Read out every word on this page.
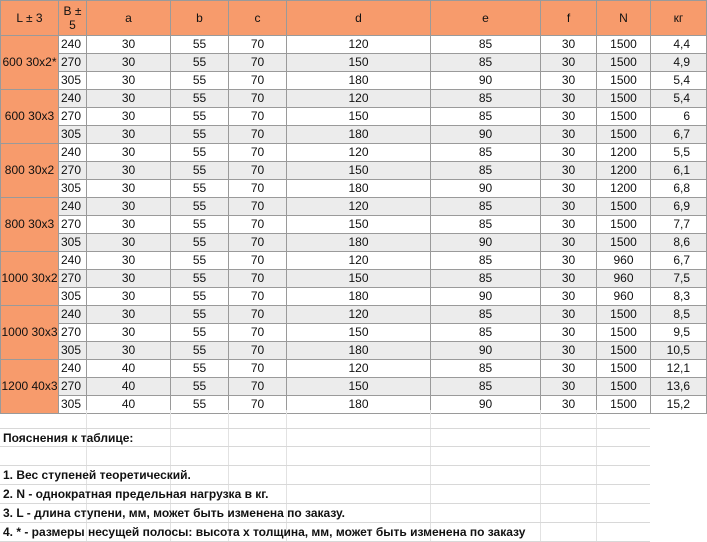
L ± 3	B ± 5	a	b	c	d	e	f	N	кг
600 30х2*	240	30	55	70	120	85	30	1500	4,4
	270	30	55	70	150	85	30	1500	4,9
	305	30	55	70	180	90	30	1500	5,4
600 30х3	240	30	55	70	120	85	30	1500	5,4
	270	30	55	70	150	85	30	1500	6
	305	30	55	70	180	90	30	1500	6,7
800 30х2	240	30	55	70	120	85	30	1200	5,5
	270	30	55	70	150	85	30	1200	6,1
	305	30	55	70	180	90	30	1200	6,8
800 30х3	240	30	55	70	120	85	30	1500	6,9
	270	30	55	70	150	85	30	1500	7,7
	305	30	55	70	180	90	30	1500	8,6
1000 30х2	240	30	55	70	120	85	30	960	6,7
	270	30	55	70	150	85	30	960	7,5
	305	30	55	70	180	90	30	960	8,3
1000 30х3	240	30	55	70	120	85	30	1500	8,5
	270	30	55	70	150	85	30	1500	9,5
	305	30	55	70	180	90	30	1500	10,5
1200 40х3	240	40	55	70	120	85	30	1500	12,1
	270	40	55	70	150	85	30	1500	13,6
	305	40	55	70	180	90	30	1500	15,2
Пояснения к таблице:
1. Вес ступеней теоретический.
2. N - однократная предельная нагрузка в кг.
3. L - длина ступени, мм, может быть изменена по заказу.
4. * - размеры несущей полосы: высота х толщина, мм, может быть изменена по заказу
